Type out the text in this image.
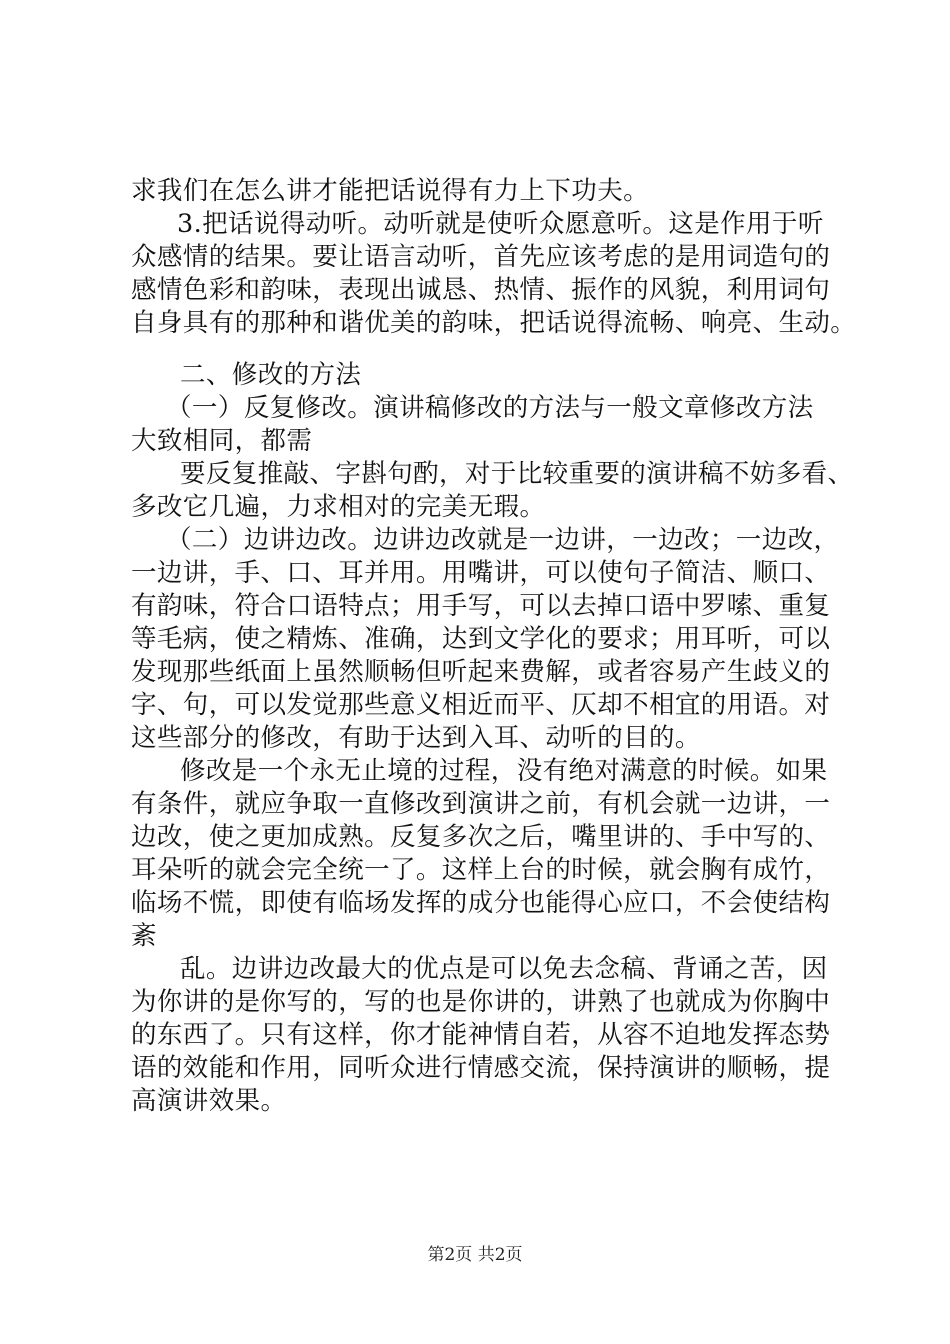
求我们在怎么讲才能把话说得有力上下功夫。
3.把话说得动听。动听就是使听众愿意听。这是作用于听
众感情的结果。要让语言动听，首先应该考虑的是用词造句的
感情色彩和韵味，表现出诚恳、热情、振作的风貌，利用词句
自身具有的那种和谐优美的韵味，把话说得流畅、响亮、生动。
二、修改的方法
（一）反复修改。演讲稿修改的方法与一般文章修改方法
大致相同，都需
要反复推敲、字斟句酌，对于比较重要的演讲稿不妨多看、
多改它几遍，力求相对的完美无瑕。
（二）边讲边改。边讲边改就是一边讲，一边改；一边改，
一边讲，手、口、耳并用。用嘴讲，可以使句子简洁、顺口、
有韵味，符合口语特点；用手写，可以去掉口语中罗嗦、重复
等毛病，使之精炼、准确，达到文学化的要求；用耳听，可以
发现那些纸面上虽然顺畅但听起来费解，或者容易产生歧义的
字、句，可以发觉那些意义相近而平、仄却不相宜的用语。对
这些部分的修改，有助于达到入耳、动听的目的。
修改是一个永无止境的过程，没有绝对满意的时候。如果
有条件，就应争取一直修改到演讲之前，有机会就一边讲，一
边改，使之更加成熟。反复多次之后，嘴里讲的、手中写的、
耳朵听的就会完全统一了。这样上台的时候，就会胸有成竹，
临场不慌，即使有临场发挥的成分也能得心应口，不会使结构
紊
乱。边讲边改最大的优点是可以免去念稿、背诵之苦，因
为你讲的是你写的，写的也是你讲的，讲熟了也就成为你胸中
的东西了。只有这样，你才能神情自若，从容不迫地发挥态势
语的效能和作用，同听众进行情感交流，保持演讲的顺畅，提
高演讲效果。
第2页 共2页
